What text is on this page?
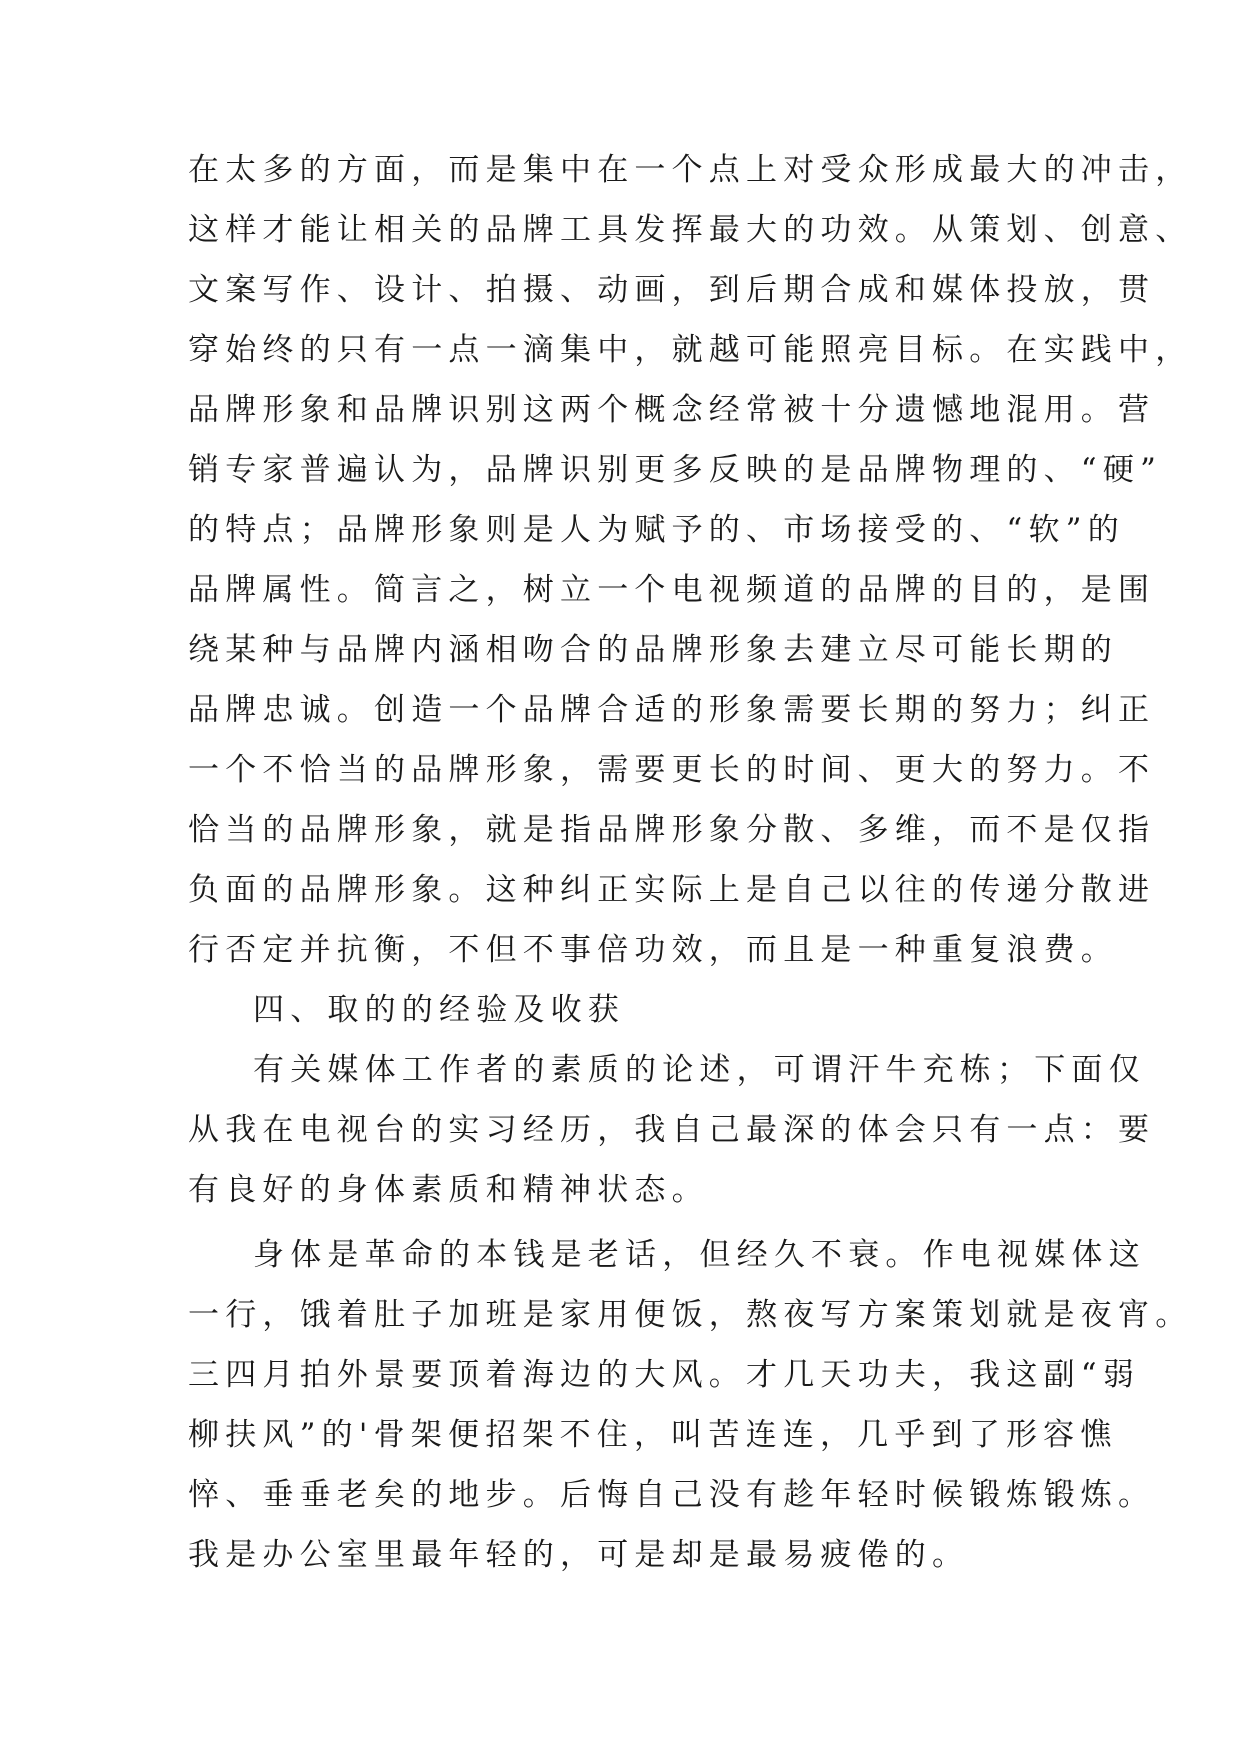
在太多的方面，而是集中在一个点上对受众形成最大的冲击，
这样才能让相关的品牌工具发挥最大的功效。从策划、创意、
文案写作、设计、拍摄、动画，到后期合成和媒体投放，贯
穿始终的只有一点一滴集中，就越可能照亮目标。在实践中，
品牌形象和品牌识别这两个概念经常被十分遗憾地混用。营
销专家普遍认为，品牌识别更多反映的是品牌物理的、“硬”
的特点；品牌形象则是人为赋予的、市场接受的、“软”的
品牌属性。简言之，树立一个电视频道的品牌的目的，是围
绕某种与品牌内涵相吻合的品牌形象去建立尽可能长期的
品牌忠诚。创造一个品牌合适的形象需要长期的努力；纠正
一个不恰当的品牌形象，需要更长的时间、更大的努力。不
恰当的品牌形象，就是指品牌形象分散、多维，而不是仅指
负面的品牌形象。这种纠正实际上是自己以往的传递分散进
行否定并抗衡，不但不事倍功效，而且是一种重复浪费。
四、取的的经验及收获
有关媒体工作者的素质的论述，可谓汗牛充栋；下面仅
从我在电视台的实习经历，我自己最深的体会只有一点：要
有良好的身体素质和精神状态。
身体是革命的本钱是老话，但经久不衰。作电视媒体这
一行，饿着肚子加班是家用便饭，熬夜写方案策划就是夜宵。
三四月拍外景要顶着海边的大风。才几天功夫，我这副“弱
柳扶风”的'骨架便招架不住，叫苦连连，几乎到了形容憔
悴、垂垂老矣的地步。后悔自己没有趁年轻时候锻炼锻炼。
我是办公室里最年轻的，可是却是最易疲倦的。
